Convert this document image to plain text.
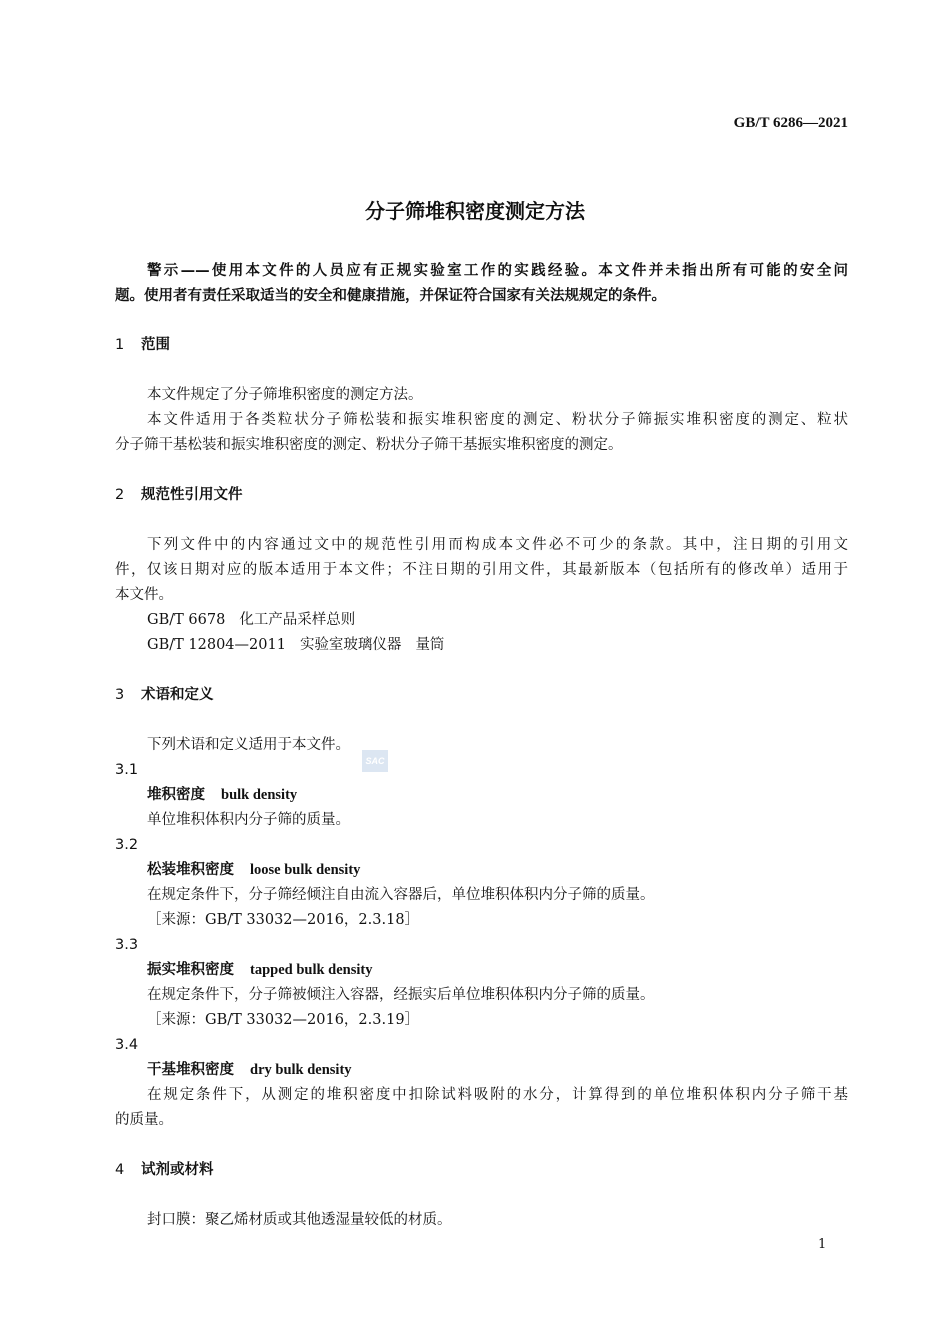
GB/T 6286—2021
分子筛堆积密度测定方法
警示——使用本文件的人员应有正规实验室工作的实践经验。本文件并未指出所有可能的安全问
题。使用者有责任采取适当的安全和健康措施，并保证符合国家有关法规规定的条件。
1 范围
本文件规定了分子筛堆积密度的测定方法。
本文件适用于各类粒状分子筛松装和振实堆积密度的测定、粉状分子筛振实堆积密度的测定、粒状
分子筛干基松装和振实堆积密度的测定、粉状分子筛干基振实堆积密度的测定。
2 规范性引用文件
下列文件中的内容通过文中的规范性引用而构成本文件必不可少的条款。其中，注日期的引用文
件，仅该日期对应的版本适用于本文件；不注日期的引用文件，其最新版本（包括所有的修改单）适用于
本文件。
GB/T 6678 化工产品采样总则
GB/T 12804—2011 实验室玻璃仪器 量筒
3 术语和定义
下列术语和定义适用于本文件。
SAC
3.1
堆积密度 bulk density
单位堆积体积内分子筛的质量。
3.2
松装堆积密度 loose bulk density
在规定条件下，分子筛经倾注自由流入容器后，单位堆积体积内分子筛的质量。
［来源：GB/T 33032—2016，2.3.18］
3.3
振实堆积密度 tapped bulk density
在规定条件下，分子筛被倾注入容器，经振实后单位堆积体积内分子筛的质量。
［来源：GB/T 33032—2016，2.3.19］
3.4
干基堆积密度 dry bulk density
在规定条件下，从测定的堆积密度中扣除试料吸附的水分，计算得到的单位堆积体积内分子筛干基
的质量。
4 试剂或材料
封口膜：聚乙烯材质或其他透湿量较低的材质。
1
